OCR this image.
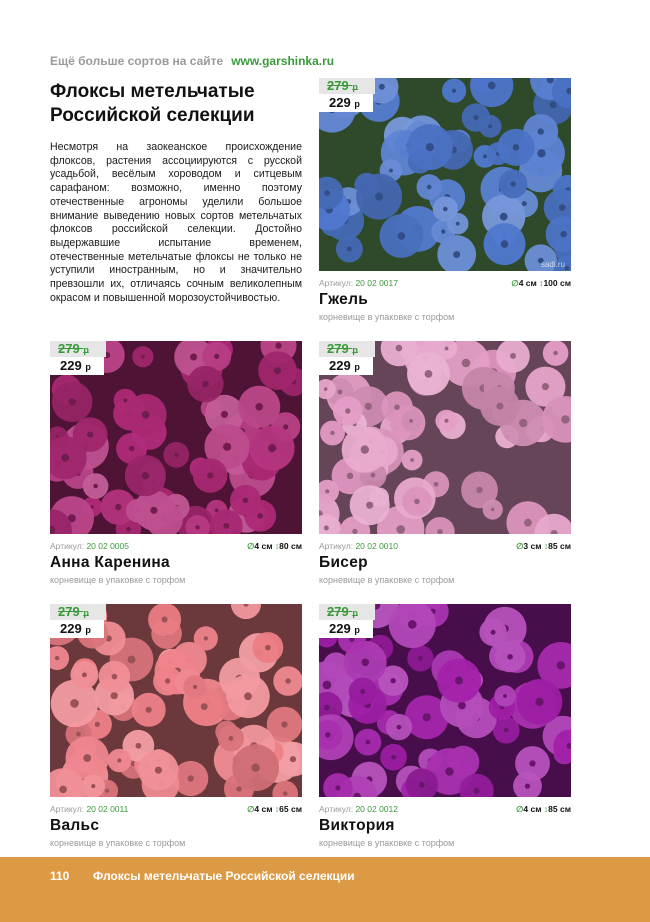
Ещё больше сортов на сайте www.garshinka.ru
Флоксы метельчатые Российской селекции
Несмотря на заокеанское происхождение флоксов, растения ассоциируются с русской усадьбой, весёлым хороводом и ситцевым сарафаном: возможно, именно поэтому отечественные агрономы уделили большое внимание выведению новых сортов метельчатых флоксов российской селекции. Достойно выдержавшие испытание временем, отечественные метельчатые флоксы не только не уступили иностранным, но и значительно превзошли их, отличаясь сочным великолепным окрасом и повышенной морозоустойчивостью.
sadi.ru
279 р
229 р
Артикул: 20 02 0017	∅4 см ↕100 см
Гжель
корневище в упаковке с торфом
279 р
229 р
Артикул: 20 02 0005	∅4 см ↕80 см
Анна Каренина
корневище в упаковке с торфом
279 р
229 р
Артикул: 20 02 0010	∅3 см ↕85 см
Бисер
корневище в упаковке с торфом
279 р
229 р
Артикул: 20 02 0011	∅4 см ↕65 см
Вальс
корневище в упаковке с торфом
279 р
229 р
Артикул: 20 02 0012	∅4 см ↕85 см
Виктория
корневище в упаковке с торфом
110 Флоксы метельчатые Российской селекции
